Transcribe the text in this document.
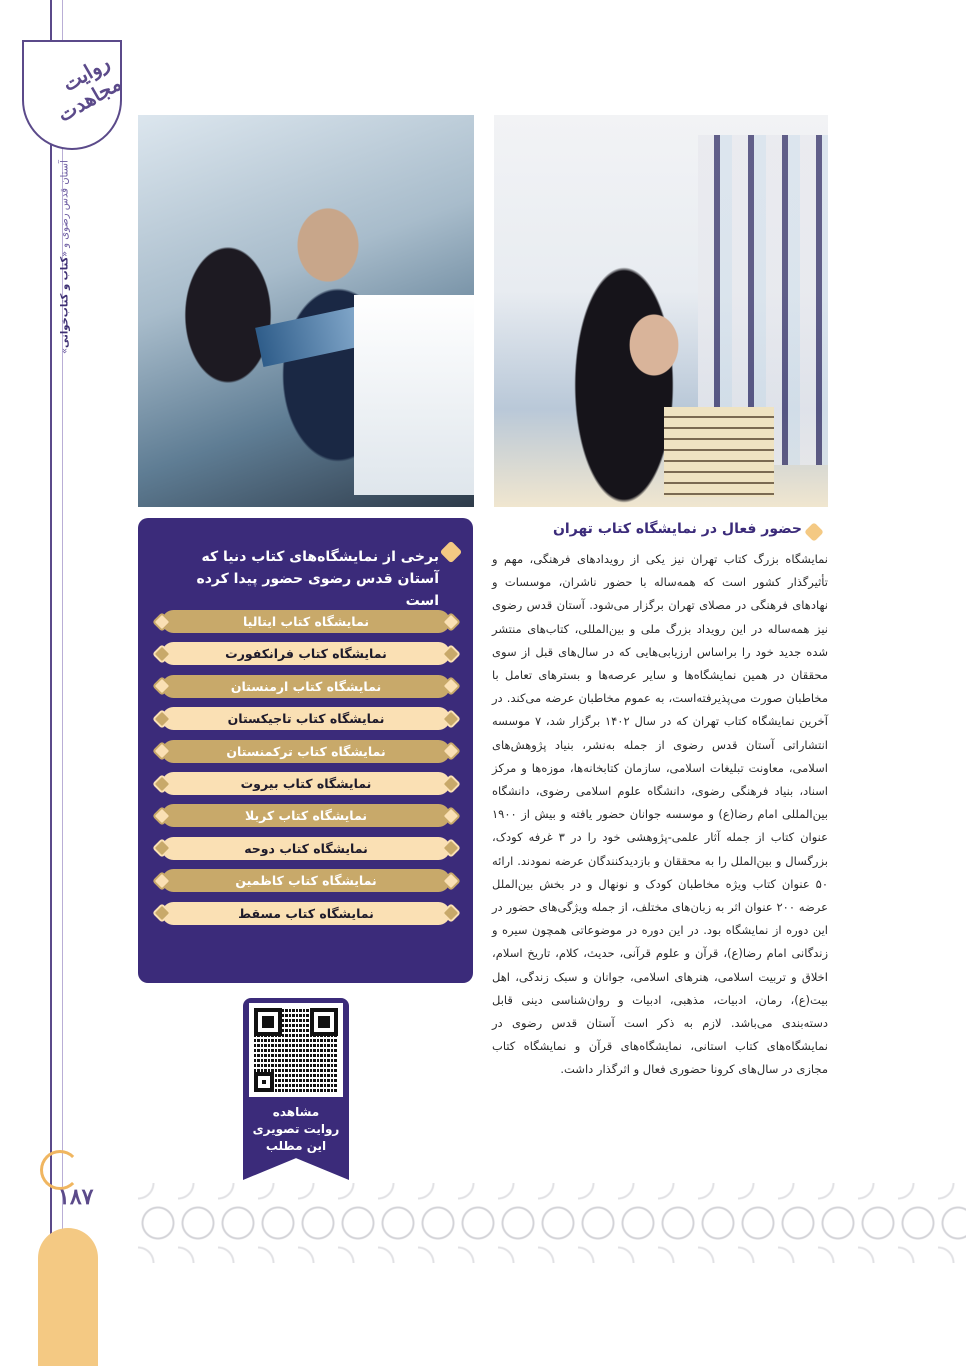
روایت مجاهدت
آستان قدس رضوی و «
کتاب و کتاب‌خوانی
»
۱۸۷
برخی از نمایشگاه‌های کتاب دنیا که آستان قدس رضوی حضور پیدا کرده است
نمایشگاه کتاب ایتالیا
نمایشگاه کتاب فرانکفورت
نمایشگاه کتاب ارمنستان
نمایشگاه کتاب تاجیکستان
نمایشگاه کتاب ترکمنستان
نمایشگاه کتاب بیروت
نمایشگاه کتاب کربلا
نمایشگاه کتاب دوحه
نمایشگاه کتاب کاظمین
نمایشگاه کتاب مسقط
مشاهده
روایت تصویری
این مطلب
حضور فعال در نمایشگاه کتاب تهران

نمایشگاه بزرگ کتاب تهران نیز یکی از رویدادهای فرهنگی، مهم و تأثیرگذار کشور است که همه‌ساله با حضور ناشران، موسسات و نهادهای فرهنگی در مصلای تهران برگزار می‌شود. آستان قدس رضوی نیز همه‌ساله در این رویداد بزرگ ملی و بین‌المللی، کتاب‌های منتشر شده جدید خود را براساس ارزیابی‌هایی که در سال‌های قبل از سوی محققان در همین نمایشگاه‌ها و سایر عرصه‌ها و بسترهای تعامل با مخاطبان صورت می‌پذیرفته‌است، به عموم مخاطبان عرضه می‌کند. در آخرین نمایشگاه کتاب تهران که در سال ۱۴۰۲ برگزار شد، ۷ موسسه انتشاراتی آستان قدس رضوی از جمله به‌نشر، بنیاد پژوهش‌های اسلامی، معاونت تبلیغات اسلامی، سازمان کتابخانه‌ها، موزه‌ها و مرکز اسناد، بنیاد فرهنگی رضوی، دانشگاه علوم اسلامی رضوی، دانشگاه بین‌المللی امام رضا(ع) و موسسه جوانان حضور یافته و بیش از ۱۹۰۰ عنوان کتاب از جمله آثار علمی-پژوهشی خود را در ۳ غرفه کودک، بزرگسال و بین‌الملل را به محققان و بازدیدکنندگان عرضه نمودند. ارائه ۵۰ عنوان کتاب ویژه مخاطبان کودک و نونهال و در بخش بین‌الملل عرضه ۲۰۰ عنوان اثر به زبان‌های مختلف، از جمله ویژگی‌های حضور در این دوره از نمایشگاه بود. در این دوره در موضوعاتی همچون سیره و زندگانی امام رضا(ع)، قرآن و علوم قرآنی، حدیث، کلام، تاریخ اسلام، اخلاق و تربیت اسلامی، هنرهای اسلامی، جوانان و سبک زندگی، اهل بیت(ع)، رمان، ادبیات، مذهبی، ادبیات و روان‌شناسی دینی قابل دسته‌بندی می‌باشد. لازم به ذکر است آستان قدس رضوی در نمایشگاه‌های کتاب استانی، نمایشگاه‌های قرآن و نمایشگاه کتاب مجازی در سال‌های کرونا حضوری فعال و اثرگذار داشت.
